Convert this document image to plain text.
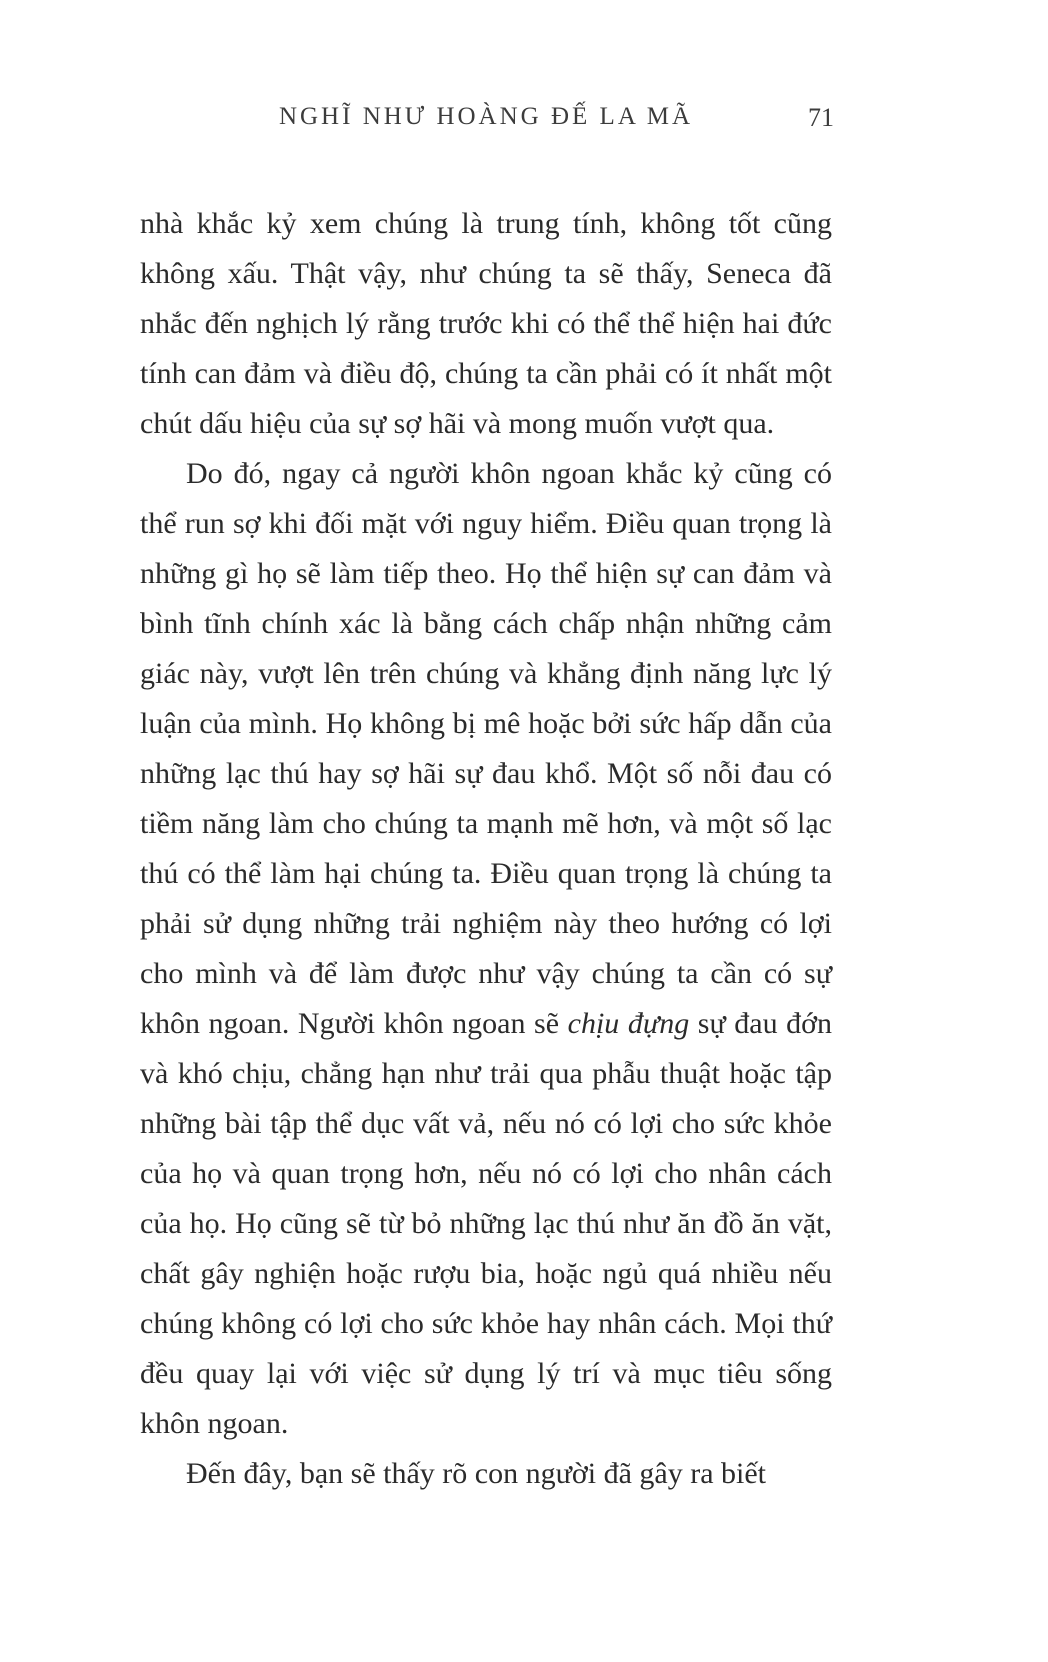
NGHĨ NHƯ HOÀNG ĐẾ LA MÃ	71

nhà khắc kỷ xem chúng là trung tính, không tốt cũng không xấu. Thật vậy, như chúng ta sẽ thấy, Seneca đã nhắc đến nghịch lý rằng trước khi có thể thể hiện hai đức tính can đảm và điều độ, chúng ta cần phải có ít nhất một chút dấu hiệu của sự sợ hãi và mong muốn vượt qua.

Do đó, ngay cả người khôn ngoan khắc kỷ cũng có thể run sợ khi đối mặt với nguy hiểm. Điều quan trọng là những gì họ sẽ làm tiếp theo. Họ thể hiện sự can đảm và bình tĩnh chính xác là bằng cách chấp nhận những cảm giác này, vượt lên trên chúng và khẳng định năng lực lý luận của mình. Họ không bị mê hoặc bởi sức hấp dẫn của những lạc thú hay sợ hãi sự đau khổ. Một số nỗi đau có tiềm năng làm cho chúng ta mạnh mẽ hơn, và một số lạc thú có thể làm hại chúng ta. Điều quan trọng là chúng ta phải sử dụng những trải nghiệm này theo hướng có lợi cho mình và để làm được như vậy chúng ta cần có sự khôn ngoan. Người khôn ngoan sẽ chịu đựng sự đau đớn và khó chịu, chẳng hạn như trải qua phẫu thuật hoặc tập những bài tập thể dục vất vả, nếu nó có lợi cho sức khỏe của họ và quan trọng hơn, nếu nó có lợi cho nhân cách của họ. Họ cũng sẽ từ bỏ những lạc thú như ăn đồ ăn vặt, chất gây nghiện hoặc rượu bia, hoặc ngủ quá nhiều nếu chúng không có lợi cho sức khỏe hay nhân cách. Mọi thứ đều quay lại với việc sử dụng lý trí và mục tiêu sống khôn ngoan.

Đến đây, bạn sẽ thấy rõ con người đã gây ra biết
